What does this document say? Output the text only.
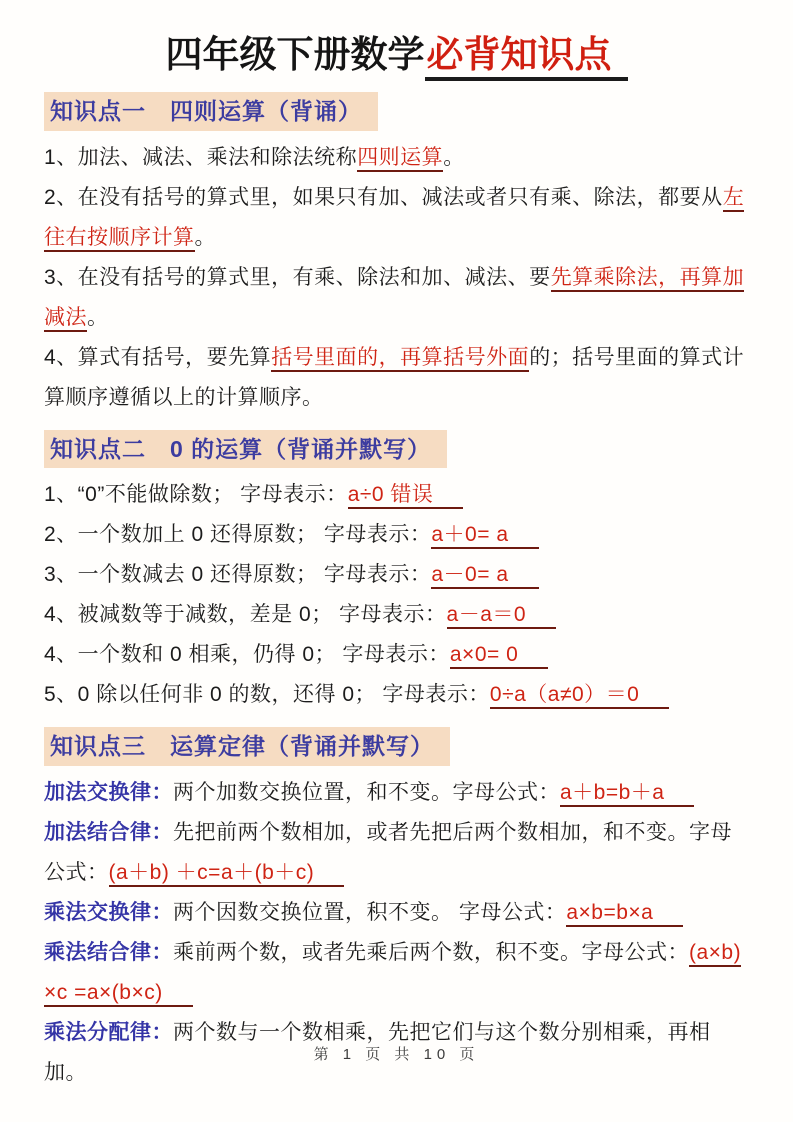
四年级下册数学必背知识点
知识点一　四则运算（背诵）

1、加法、减法、乘法和除法统称四则运算。

2、在没有括号的算式里，如果只有加、减法或者只有乘、除法，都要从左往右按顺序计算。

3、在没有括号的算式里，有乘、除法和加、减法、要先算乘除法，再算加减法。

4、算式有括号，要先算括号里面的，再算括号外面的；括号里面的算式计算顺序遵循以上的计算顺序。

知识点二　0 的运算（背诵并默写）

1、“0”不能做除数； 字母表示：a÷0 错误

2、一个数加上 0 还得原数； 字母表示：a＋0= a

3、一个数减去 0 还得原数； 字母表示：a－0= a

4、被减数等于减数，差是 0； 字母表示：a－a＝0

4、一个数和 0 相乘，仍得 0； 字母表示：a×0= 0

5、0 除以任何非 0 的数，还得 0； 字母表示：0÷a（a≠0）＝0

知识点三　运算定律（背诵并默写）

加法交换律：两个加数交换位置，和不变。字母公式：a＋b=b＋a

加法结合律：先把前两个数相加，或者先把后两个数相加，和不变。字母公式：(a＋b) ＋c=a＋(b＋c)

乘法交换律：两个因数交换位置，积不变。 字母公式：a×b=b×a

乘法结合律：乘前两个数，或者先乘后两个数，积不变。字母公式：(a×b) ×c =a×(b×c)

乘法分配律：两个数与一个数相乘，先把它们与这个数分别相乘，再相加。

第 1 页 共 10 页
